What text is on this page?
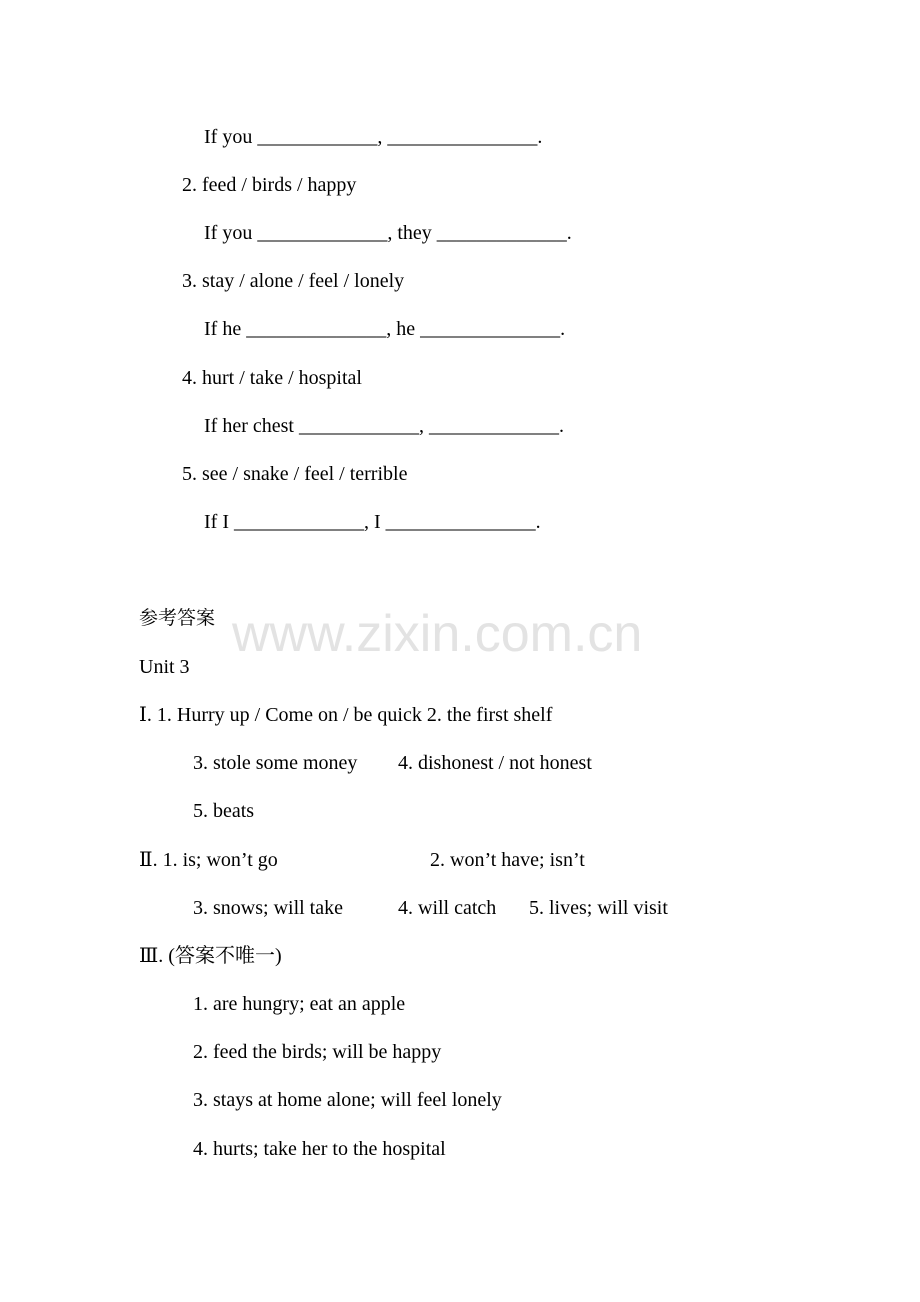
www.zixin.com.cn
If you ____________, _______________.
2. feed / birds / happy
If you _____________, they _____________.
3. stay / alone / feel / lonely
If he ______________, he ______________.
4. hurt / take / hospital
If her chest ____________, _____________.
5. see / snake / feel / terrible
If I _____________, I _______________.
参考答案
Unit 3
Ⅰ. 1. Hurry up / Come on / be quick 2. the first shelf

3. stole some money

4. dishonest / not honest

5. beats

Ⅱ. 1. is; won’t go

	2. won’t have; isn’t

3. snows; will take

	4. will catch

5. lives; will visit

Ⅲ. (答案不唯一)
1. are hungry; eat an apple
2. feed the birds; will be happy
3. stays at home alone; will feel lonely
4. hurts; take her to the hospital
